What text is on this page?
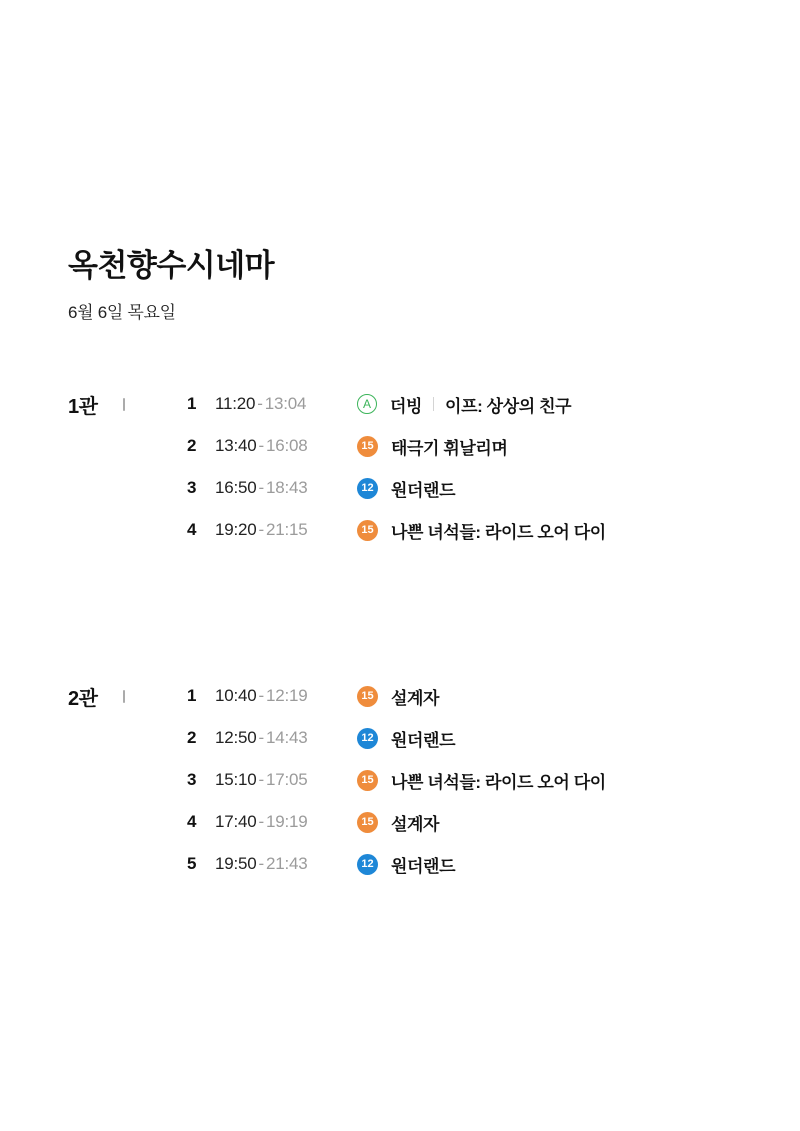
옥천향수시네마
6월 6일 목요일
1관	1	11:20 - 13:04	A	더빙 이프: 상상의 친구
2	13:40 - 16:08	15 태극기 휘날리며
3	16:50 - 18:43	12 원더랜드
4	19:20 - 21:15	15 나쁜 녀석들: 라이드 오어 다이
2관	1	10:40 - 12:19	15 설계자
2	12:50 - 14:43	12 원더랜드
3	15:10 - 17:05	15 나쁜 녀석들: 라이드 오어 다이
4	17:40 - 19:19	15 설계자
5	19:50 - 21:43	12 원더랜드
